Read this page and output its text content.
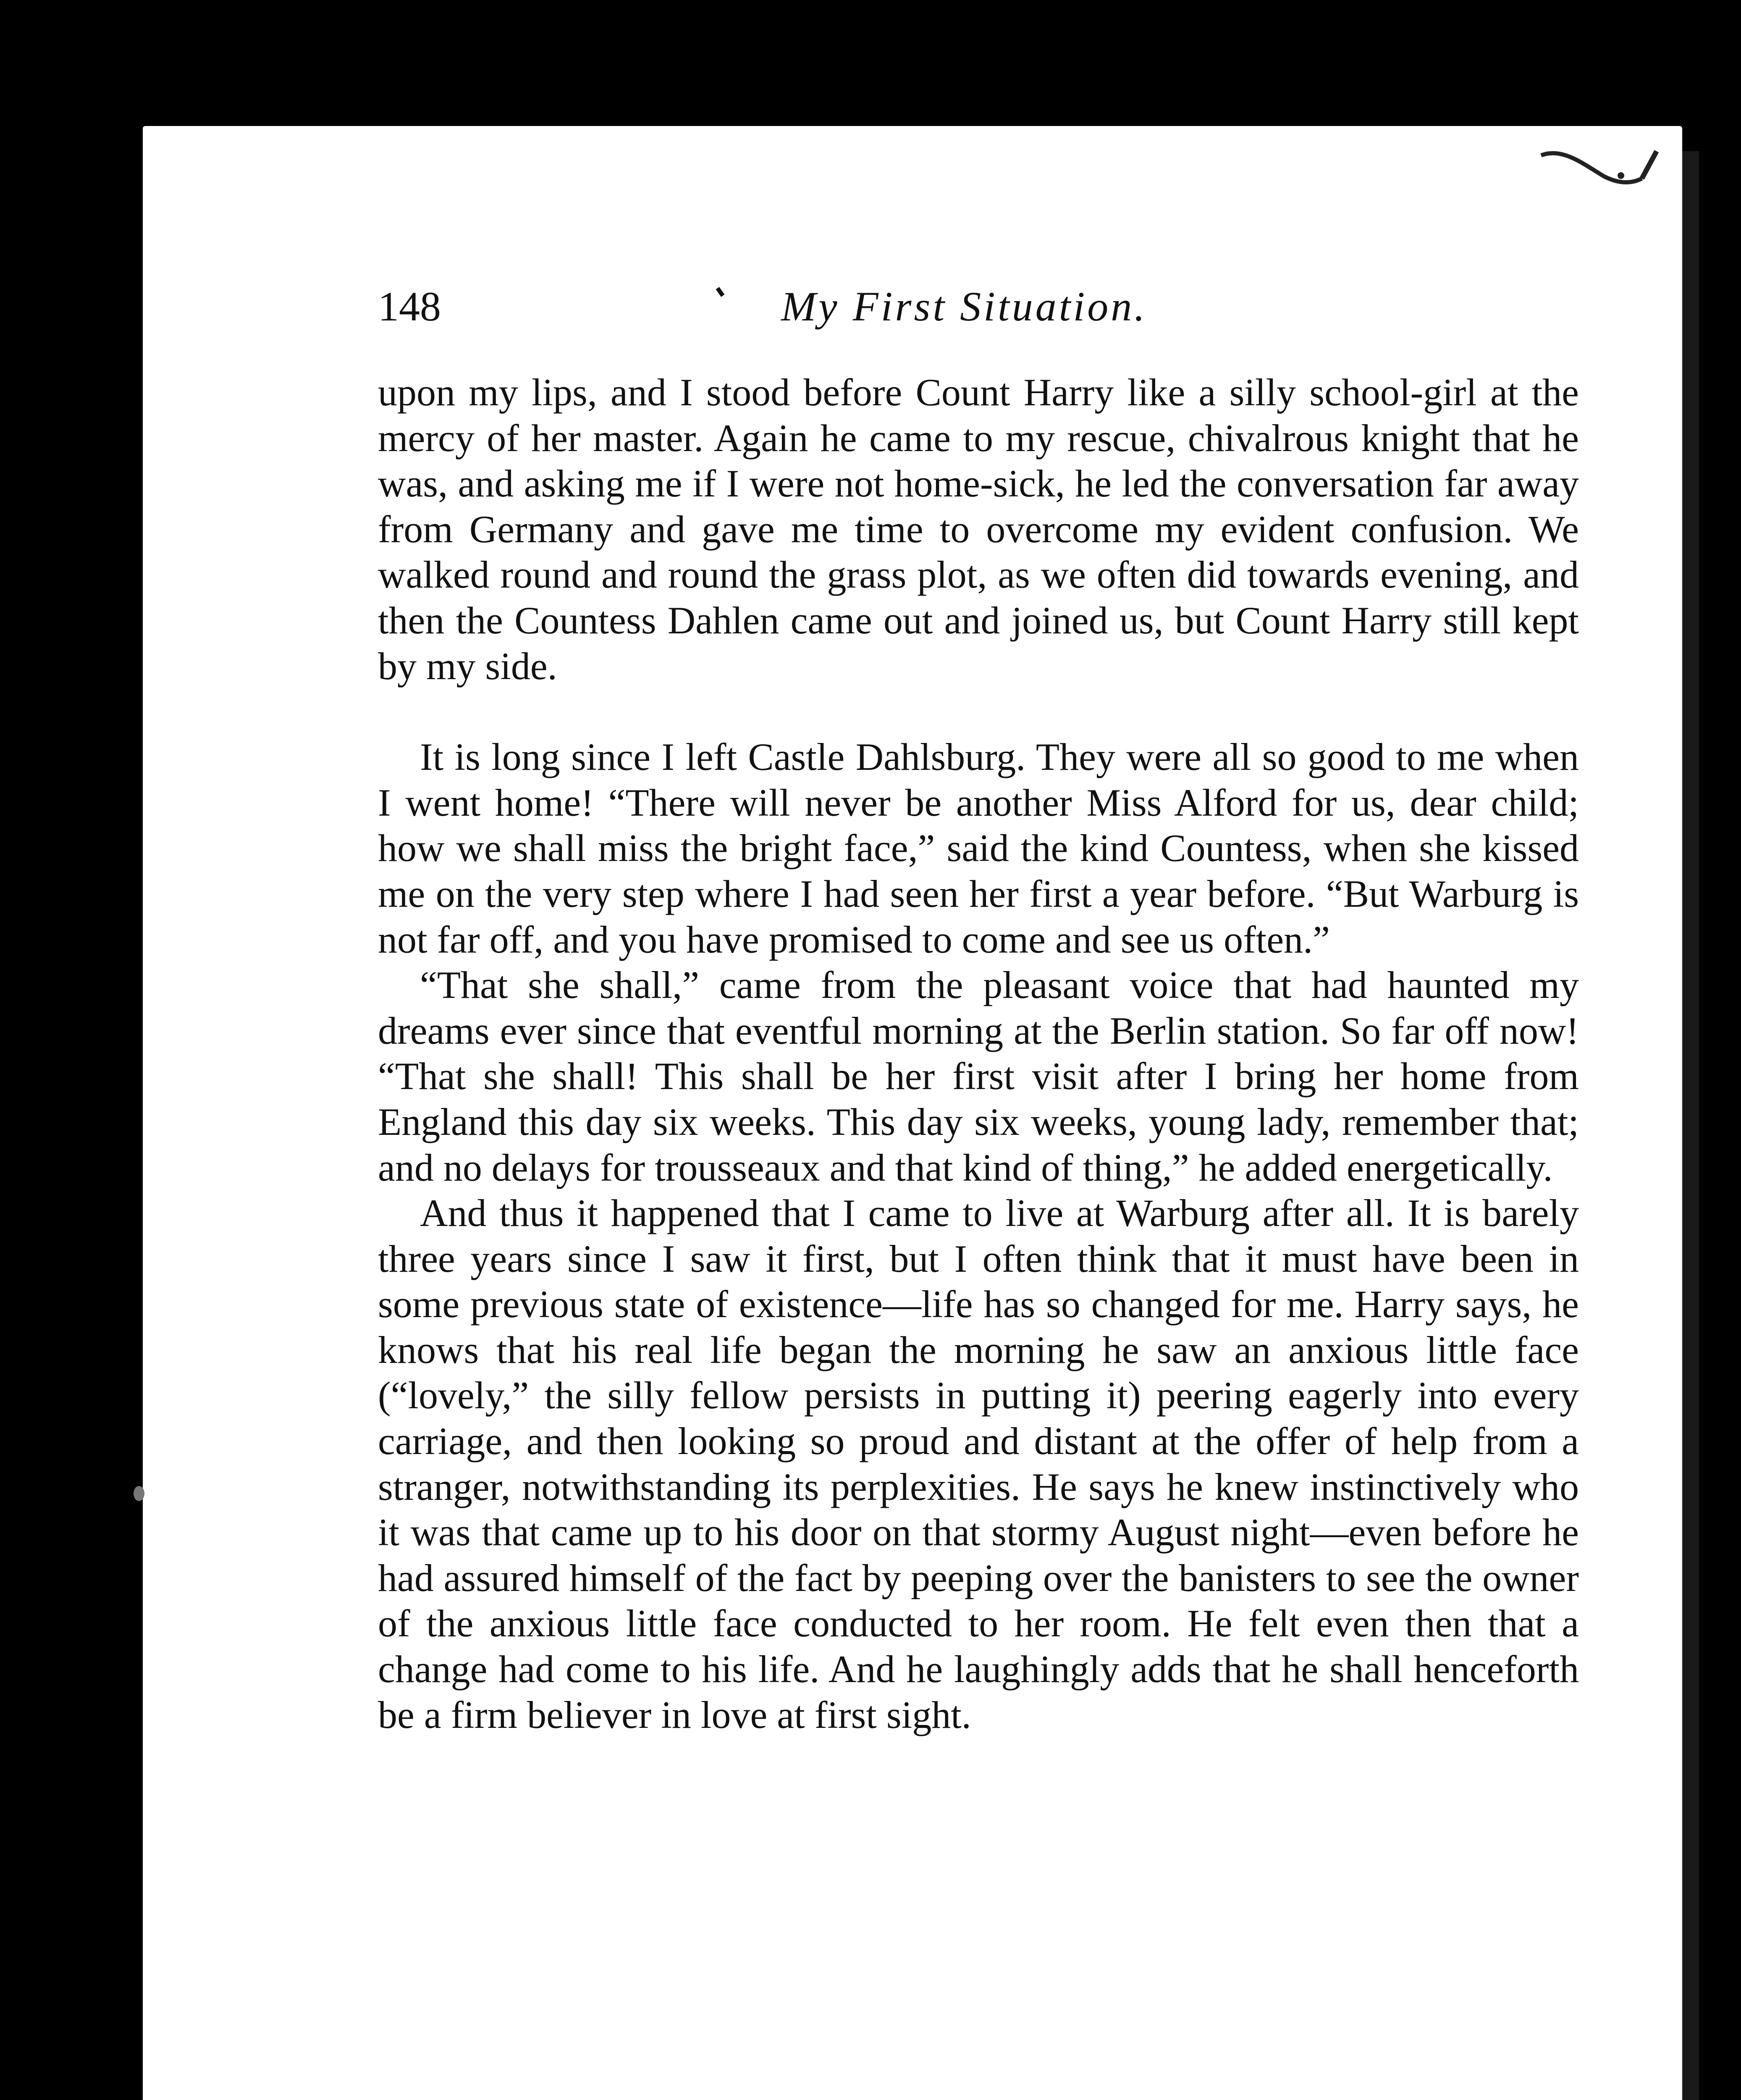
148	My First Situation.

upon my lips, and I stood before Count Harry like a silly school-girl at the mercy of her master. Again he came to my rescue, chivalrous knight that he was, and asking me if I were not home-sick, he led the conversation far away from Germany and gave me time to overcome my evident confusion. We walked round and round the grass plot, as we often did towards evening, and then the Countess Dahlen came out and joined us, but Count Harry still kept by my side.

It is long since I left Castle Dahlsburg. They were all so good to me when I went home! “There will never be another Miss Alford for us, dear child; how we shall miss the bright face,” said the kind Countess, when she kissed me on the very step where I had seen her first a year before. “But Warburg is not far off, and you have promised to come and see us often.”

“That she shall,” came from the pleasant voice that had haunted my dreams ever since that eventful morning at the Berlin station. So far off now! “That she shall! This shall be her first visit after I bring her home from England this day six weeks. This day six weeks, young lady, remember that; and no delays for trousseaux and that kind of thing,” he added energetically.

And thus it happened that I came to live at Warburg after all. It is barely three years since I saw it first, but I often think that it must have been in some previous state of existence—life has so changed for me. Harry says, he knows that his real life began the morning he saw an anxious little face (“lovely,” the silly fellow persists in putting it) peering eagerly into every carriage, and then looking so proud and distant at the offer of help from a stranger, notwithstanding its perplexities. He says he knew instinctively who it was that came up to his door on that stormy August night—even before he had assured himself of the fact by peeping over the banisters to see the owner of the anxious little face conducted to her room. He felt even then that a change had come to his life. And he laughingly adds that he shall henceforth be a firm believer in love at first sight.
